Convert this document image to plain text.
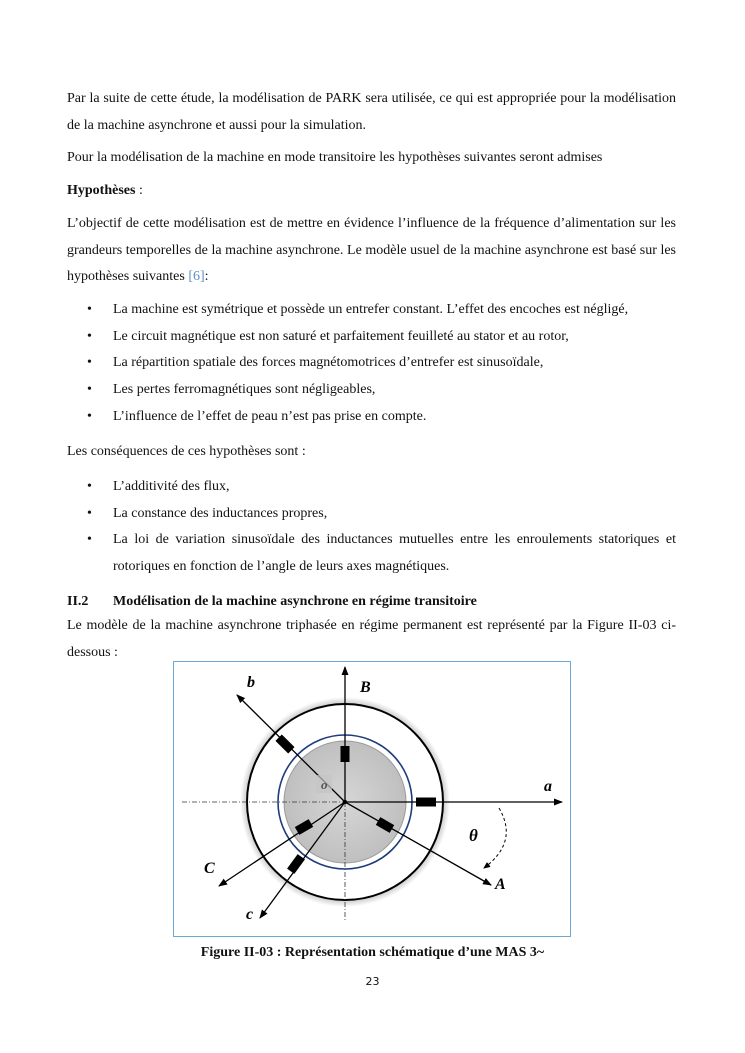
Par la suite de cette étude, la modélisation de PARK sera utilisée, ce qui est appropriée pour la modélisation de la machine asynchrone et aussi pour la simulation.

Pour la modélisation de la machine en mode transitoire les hypothèses suivantes seront admises

Hypothèses :

L’objectif de cette modélisation est de mettre en évidence l’influence de la fréquence d’alimentation sur les grandeurs temporelles de la machine asynchrone. Le modèle usuel de la machine asynchrone est basé sur les hypothèses suivantes [6]:

• La machine est symétrique et possède un entrefer constant. L’effet des encoches est négligé,
• Le circuit magnétique est non saturé et parfaitement feuilleté au stator et au rotor,
• La répartition spatiale des forces magnétomotrices d’entrefer est sinusoïdale,
• Les pertes ferromagnétiques sont négligeables,
• L’influence de l’effet de peau n’est pas prise en compte.

Les conséquences de ces hypothèses sont :

• L’additivité des flux,
• La constance des inductances propres,
• La loi de variation sinusoïdale des inductances mutuelles entre les enroulements statoriques et rotoriques en fonction de l’angle de leurs axes magnétiques.
II.2 Modélisation de la machine asynchrone en régime transitoire

Le modèle de la machine asynchrone triphasée en régime permanent est représenté par la Figure II-03 ci-dessous :

b	B
a
o
θ
C
A
c
Figure II-03 : Représentation schématique d’une MAS 3~
23
